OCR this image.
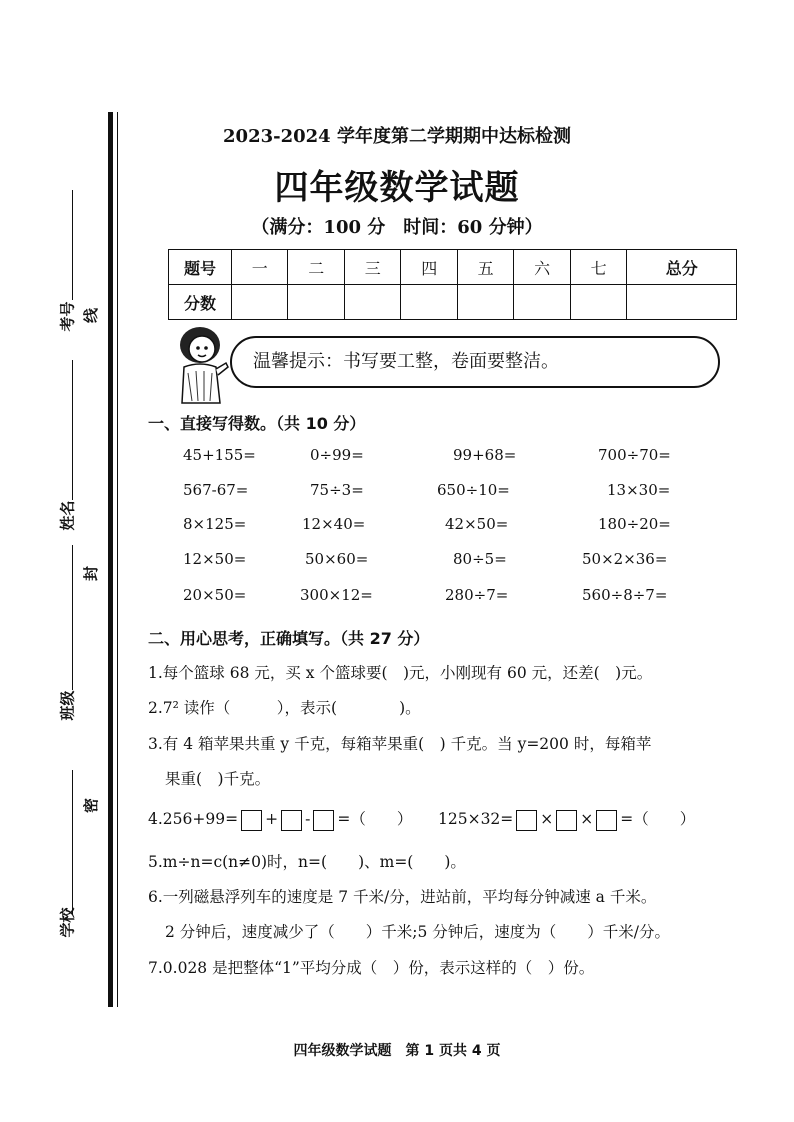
考号 线
姓名
封
班级
密
学校
2023-2024 学年度第二学期期中达标检测
四年级数学试题
（满分：100 分　时间：60 分钟）
题号	一	二	三	四	五	六	七	总分
分数								
温馨提示：书写要工整，卷面要整洁。
一、直接写得数。（共 10 分）
45+155=	0÷99=	99+68=	700÷70=
567-67=	75÷3=	650÷10=	13×30=
8×125=	12×40=	42×50=	180÷20=
12×50=	50×60=	80÷5=	50×2×36=
20×50=	300×12=	280÷7=	560÷8÷7=
二、用心思考，正确填写。（共 27 分）
1.每个篮球 68 元，买 x 个篮球要(　)元，小刚现有 60 元，还差(　)元。
2.7² 读作（　　　），表示(　　　　)。
3.有 4 箱苹果共重 y 千克，每箱苹果重(　) 千克。当 y=200 时，每箱苹
果重(　)千克。
4.256+99= + - =（　　） 125×32= × × =（　　）
5.m÷n=c(n≠0)时，n=(　　)、m=(　　)。
6.一列磁悬浮列车的速度是 7 千米/分，进站前，平均每分钟减速 a 千米。
2 分钟后，速度减少了（　　）千米;5 分钟后，速度为（　　）千米/分。
7.0.028 是把整体“1”平均分成（　）份，表示这样的（　）份。
四年级数学试题　第 1 页共 4 页
